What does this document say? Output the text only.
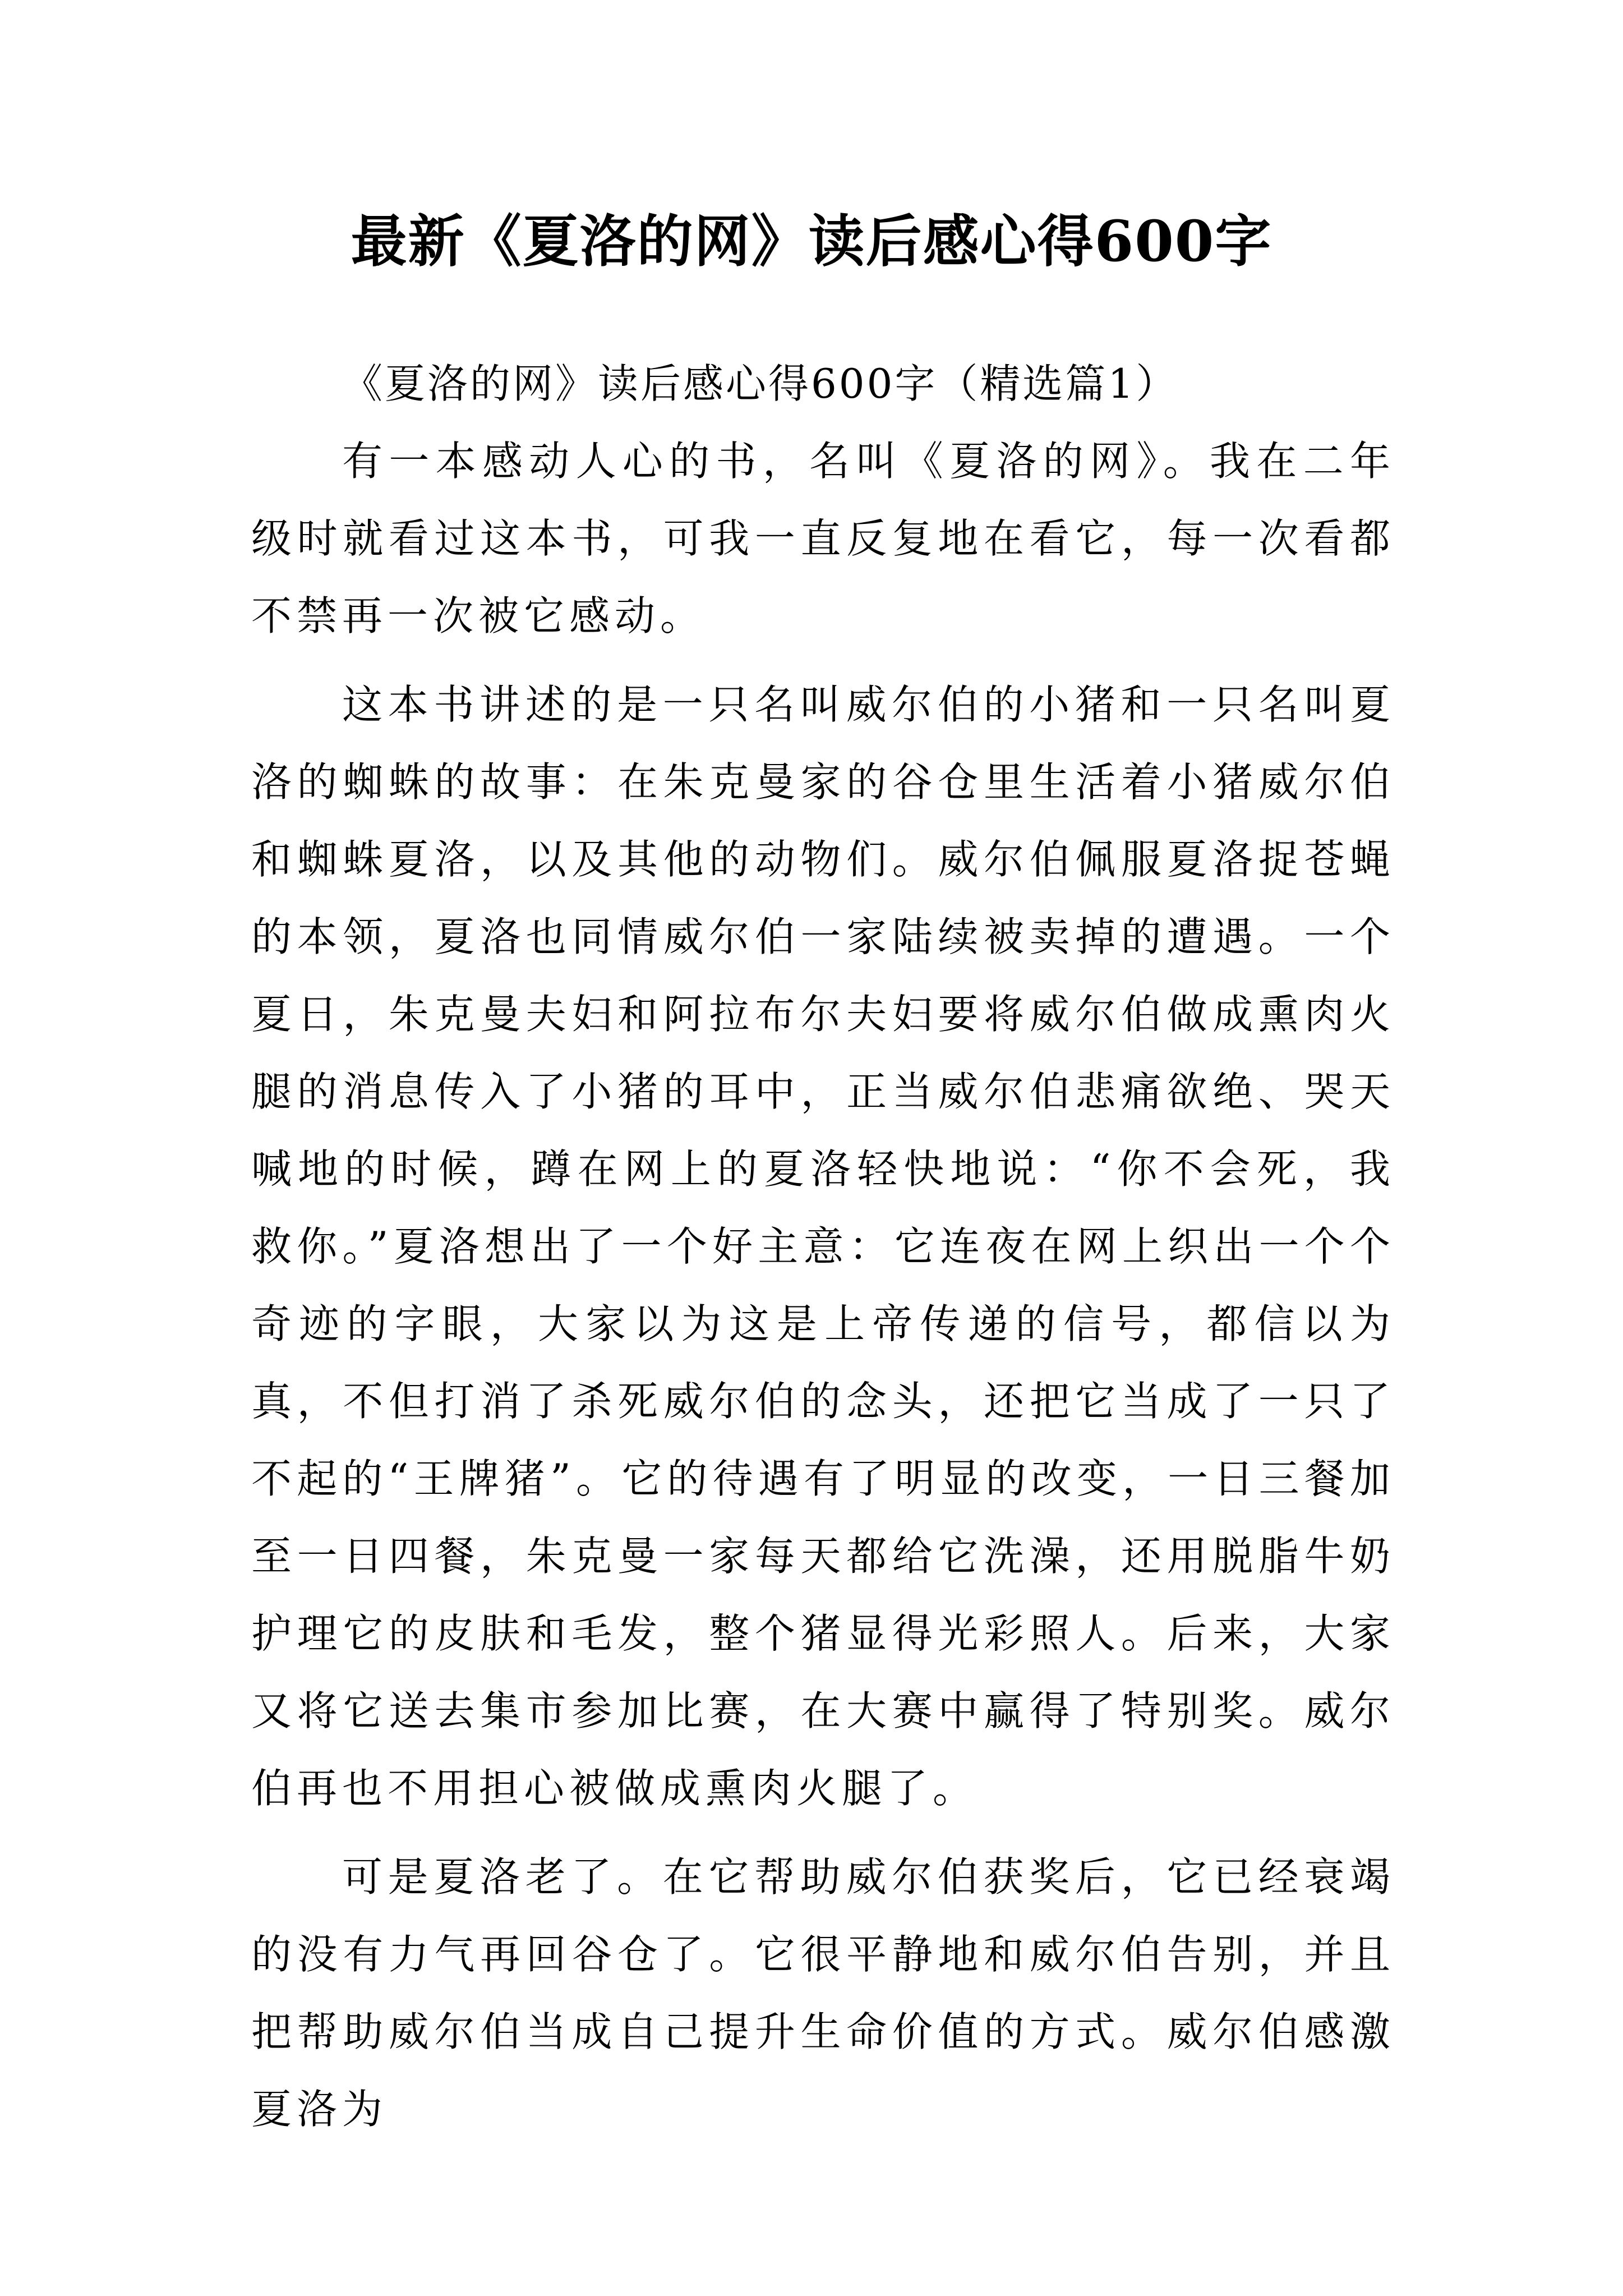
最新《夏洛的网》读后感心得600字

《夏洛的网》读后感心得600字（精选篇1）

有一本感动人心的书，名叫《夏洛的网》。我在二年级时就看过这本书，可我一直反复地在看它，每一次看都不禁再一次被它感动。

这本书讲述的是一只名叫威尔伯的小猪和一只名叫夏洛的蜘蛛的故事：在朱克曼家的谷仓里生活着小猪威尔伯和蜘蛛夏洛，以及其他的动物们。威尔伯佩服夏洛捉苍蝇的本领，夏洛也同情威尔伯一家陆续被卖掉的遭遇。一个夏日，朱克曼夫妇和阿拉布尔夫妇要将威尔伯做成熏肉火腿的消息传入了小猪的耳中，正当威尔伯悲痛欲绝、哭天喊地的时候，蹲在网上的夏洛轻快地说：“你不会死，我救你。”夏洛想出了一个好主意：它连夜在网上织出一个个奇迹的字眼，大家以为这是上帝传递的信号，都信以为真，不但打消了杀死威尔伯的念头，还把它当成了一只了不起的“王牌猪”。它的待遇有了明显的改变，一日三餐加至一日四餐，朱克曼一家每天都给它洗澡，还用脱脂牛奶护理它的皮肤和毛发，整个猪显得光彩照人。后来，大家又将它送去集市参加比赛，在大赛中赢得了特别奖。威尔伯再也不用担心被做成熏肉火腿了。

可是夏洛老了。在它帮助威尔伯获奖后，它已经衰竭的没有力气再回谷仓了。它很平静地和威尔伯告别，并且把帮助威尔伯当成自己提升生命价值的方式。威尔伯感激夏洛为
